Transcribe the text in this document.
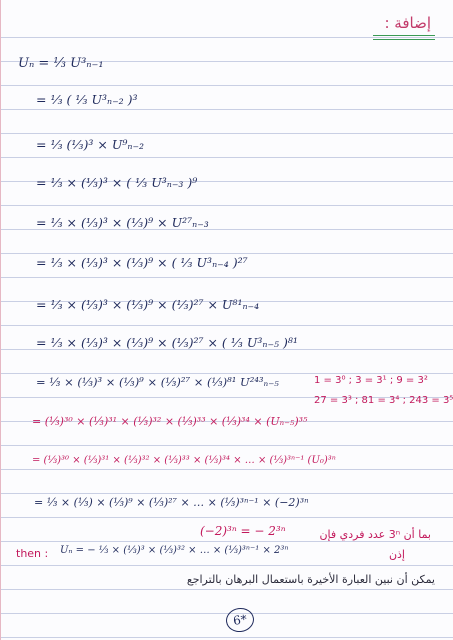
إضافة :
Uₙ = ⅓ U³ₙ₋₁
= ⅓ ( ⅓ U³ₙ₋₂ )³
= ⅓ (⅓)³ × U⁹ₙ₋₂
= ⅓ × (⅓)³ × ( ⅓ U³ₙ₋₃ )⁹
= ⅓ × (⅓)³ × (⅓)⁹ × U²⁷ₙ₋₃
= ⅓ × (⅓)³ × (⅓)⁹ × ( ⅓ U³ₙ₋₄ )²⁷
= ⅓ × (⅓)³ × (⅓)⁹ × (⅓)²⁷ × U⁸¹ₙ₋₄
= ⅓ × (⅓)³ × (⅓)⁹ × (⅓)²⁷ × ( ⅓ U³ₙ₋₅ )⁸¹
= ⅓ × (⅓)³ × (⅓)⁹ × (⅓)²⁷ × (⅓)⁸¹ U²⁴³ₙ₋₅	1 = 3⁰ ; 3 = 3¹ ; 9 = 3²
27 = 3³ ; 81 = 3⁴ ; 243 = 3⁵
= (⅓)³⁰ × (⅓)³¹ × (⅓)³² × (⅓)³³ × (⅓)³⁴ × (Uₙ₋₅)³⁵
= (⅓)³⁰ × (⅓)³¹ × (⅓)³² × (⅓)³³ × (⅓)³⁴ × … × (⅓)³ⁿ⁻¹ (U₀)³ⁿ
= ⅓ × (⅓) × (⅓)⁹ × (⅓)²⁷ × … × (⅓)³ⁿ⁻¹ × (−2)³ⁿ
(−2)³ⁿ = − 2³ⁿ	بما أن 3ⁿ عدد فردي فإن
إذن
then : Uₙ = − ⅓ × (⅓)³ × (⅓)³² × … × (⅓)³ⁿ⁻¹ × 2³ⁿ
يمكن أن نبين العبارة الأخيرة باستعمال البرهان بالتراجع
6*
